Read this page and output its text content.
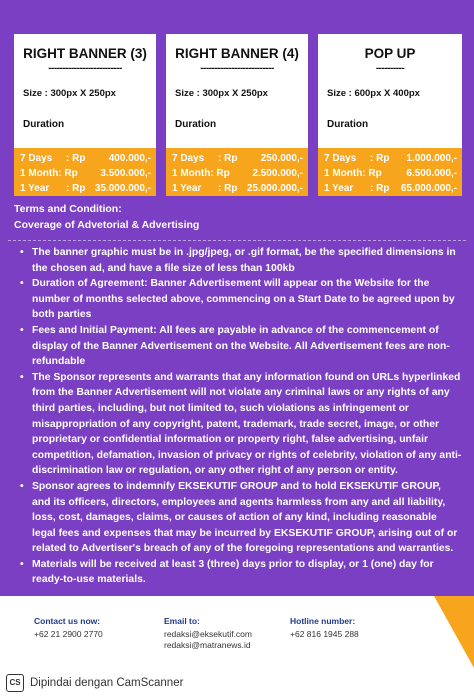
RIGHT BANNER (3)
--------------------------
Size : 300px X 250px
Duration
7 Days	: Rp	400.000,-
1 Month: Rp	3.500.000,-
1 Year	: Rp 35.000.000,-
RIGHT BANNER (4)
--------------------------
Size : 300px X 250px
Duration
7 Days	: Rp	250.000,-
1 Month: Rp	2.500.000,-
1 Year	: Rp 25.000.000,-
POP UP
----------
Size : 600px X 400px
Duration
7 Days	: Rp	1.000.000,-
1 Month: Rp	6.500.000,-
1 Year	: Rp	65.000.000,-
Terms and Condition:
Coverage of Advetorial & Advertising
• The banner graphic must be in .jpg/jpeg, or .gif format, be the specified dimensions in the chosen ad, and have a file size of less than 100kb
• Duration of Agreement: Banner Advertisement will appear on the Website for the number of months selected above, commencing on a Start Date to be agreed upon by both parties
• Fees and Initial Payment: All fees are payable in advance of the commencement of display of the Banner Advertisement on the Website. All Advertisement fees are non-refundable
• The Sponsor represents and warrants that any information found on URLs hyperlinked from the Banner Advertisement will not violate any criminal laws or any rights of any third parties, including, but not limited to, such violations as infringement or misappropriation of any copyright, patent, trademark, trade secret, image, or other proprietary or confidential information or property right, false advertising, unfair competition, defamation, invasion of privacy or rights of celebrity, violation of any anti-discrimination law or regulation, or any other right of any person or entity.
• Sponsor agrees to indemnify EKSEKUTIF GROUP and to hold EKSEKUTIF GROUP, and its officers, directors, employees and agents harmless from any and all liability, loss, cost, damages, claims, or causes of action of any kind, including reasonable legal fees and expenses that may be incurred by EKSEKUTIF GROUP, arising out of or related to Advertiser's breach of any of the foregoing representations and warranties.
• Materials will be received at least 3 (three) days prior to display, or 1 (one) day for ready-to-use materials.
Contact us now:
+62 21 2900 2770
Email to:
redaksi@eksekutif.com
redaksi@matranews.id
Hotline number:
+62 816 1945 288
CS Dipindai dengan CamScanner
